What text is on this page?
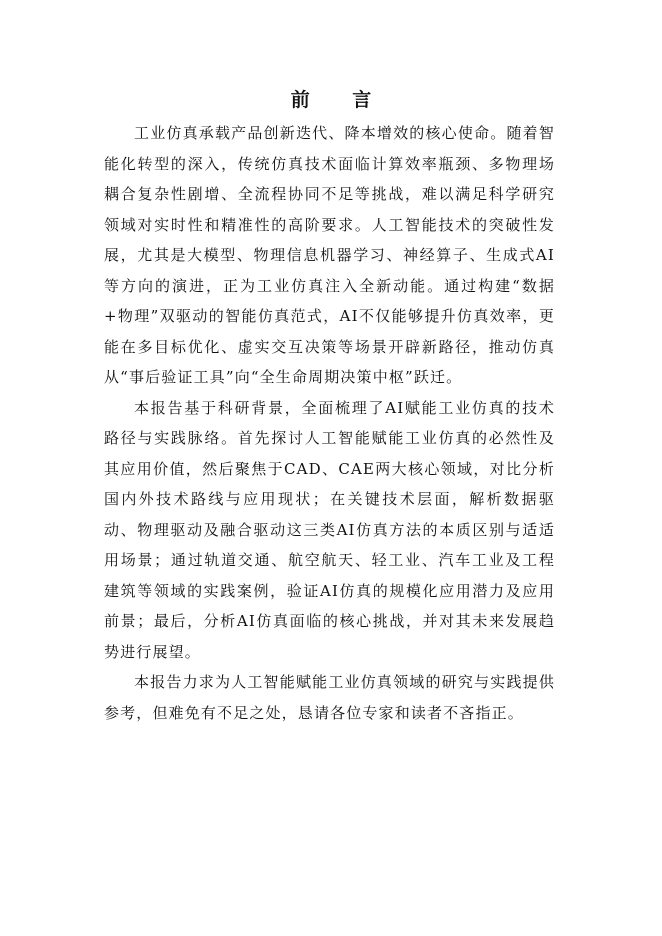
前 言

工业仿真承载产品创新迭代、降本增效的核心使命。随着智能化转型的深入，传统仿真技术面临计算效率瓶颈、多物理场耦合复杂性剧增、全流程协同不足等挑战，难以满足科学研究领域对实时性和精准性的高阶要求。人工智能技术的突破性发展，尤其是大模型、物理信息机器学习、神经算子、生成式AI等方向的演进，正为工业仿真注入全新动能。通过构建“数据+物理”双驱动的智能仿真范式，AI不仅能够提升仿真效率，更能在多目标优化、虚实交互决策等场景开辟新路径，推动仿真从“事后验证工具”向“全生命周期决策中枢”跃迁。

本报告基于科研背景，全面梳理了AI赋能工业仿真的技术路径与实践脉络。首先探讨人工智能赋能工业仿真的必然性及其应用价值，然后聚焦于CAD、CAE两大核心领域，对比分析国内外技术路线与应用现状；在关键技术层面，解析数据驱动、物理驱动及融合驱动这三类AI仿真方法的本质区别与适适用场景；通过轨道交通、航空航天、轻工业、汽车工业及工程建筑等领域的实践案例，验证AI仿真的规模化应用潜力及应用前景；最后，分析AI仿真面临的核心挑战，并对其未来发展趋势进行展望。

本报告力求为人工智能赋能工业仿真领域的研究与实践提供参考，但难免有不足之处，恳请各位专家和读者不吝指正。
